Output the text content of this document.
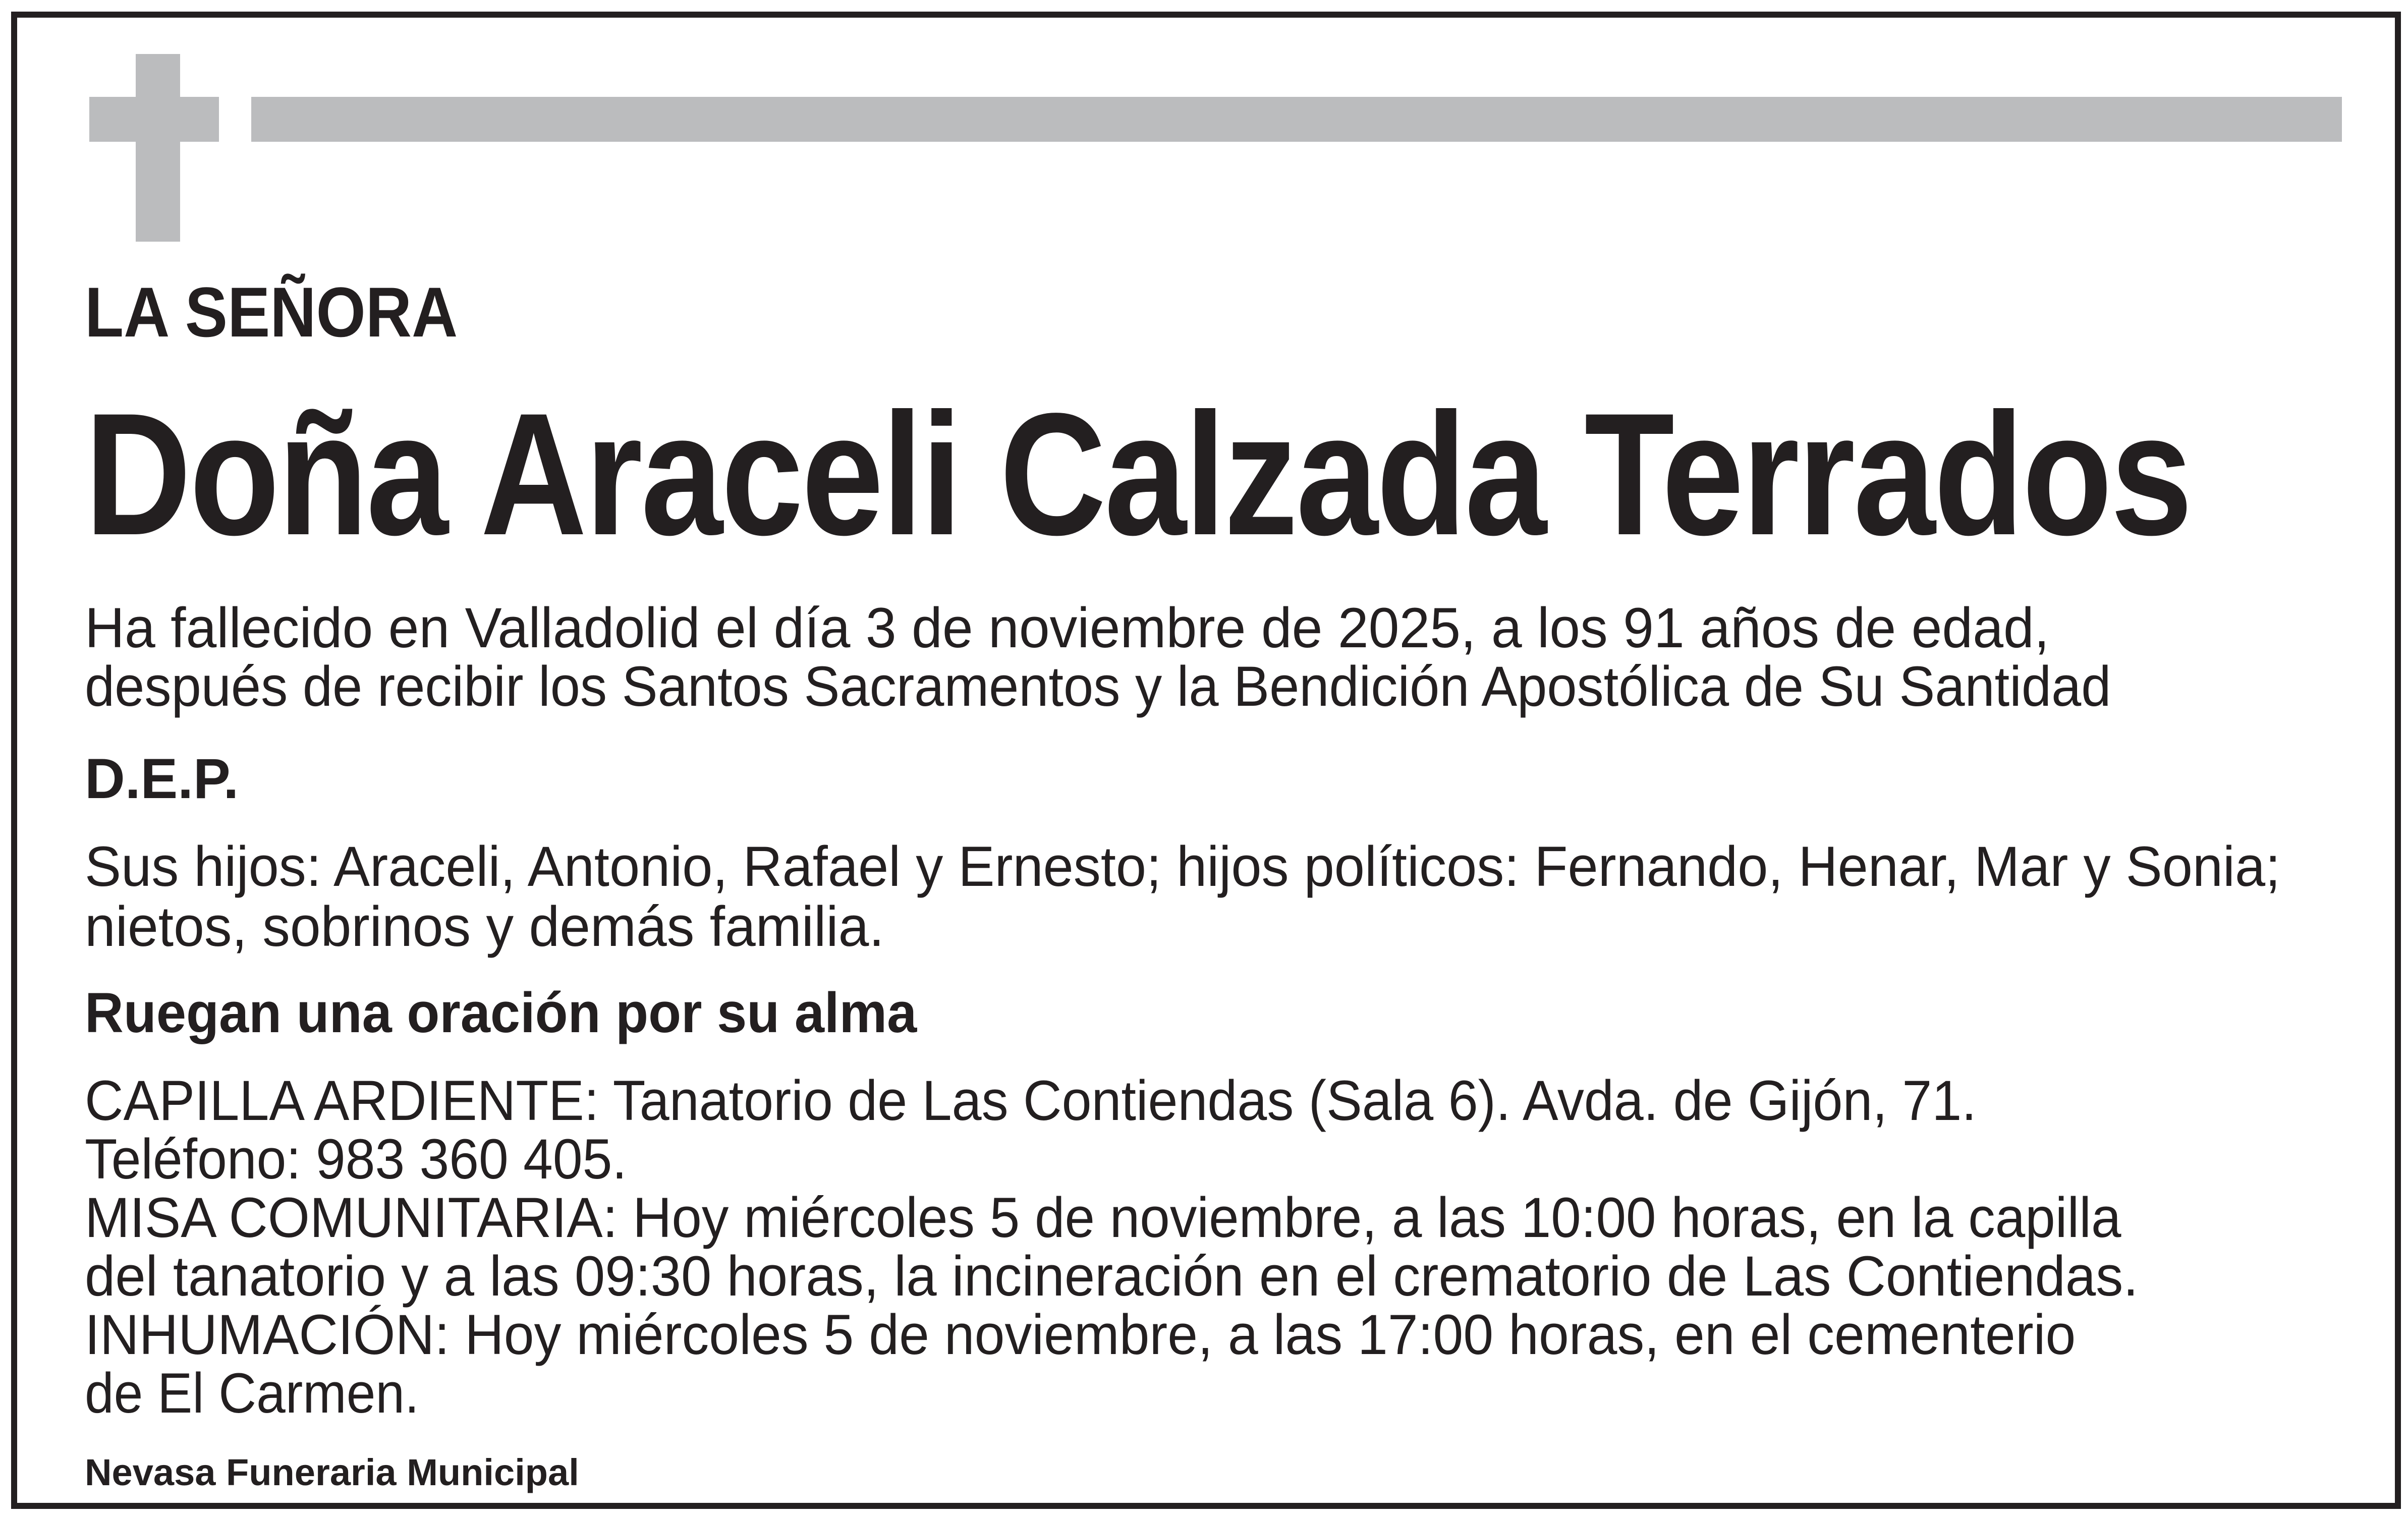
LA SEÑORA
Doña Araceli Calzada Terrados
Ha fallecido en Valladolid el día 3 de noviembre de 2025, a los 91 años de edad,
después de recibir los Santos Sacramentos y la Bendición Apostólica de Su Santidad
D.E.P.
Sus hijos: Araceli, Antonio, Rafael y Ernesto; hijos políticos: Fernando, Henar, Mar y Sonia;
nietos, sobrinos y demás familia.
Ruegan una oración por su alma
CAPILLA ARDIENTE: Tanatorio de Las Contiendas (Sala 6). Avda. de Gijón, 71.
Teléfono: 983 360 405.
MISA COMUNITARIA: Hoy miércoles 5 de noviembre, a las 10:00 horas, en la capilla
del tanatorio y a las 09:30 horas, la incineración en el crematorio de Las Contiendas.
INHUMACIÓN: Hoy miércoles 5 de noviembre, a las 17:00 horas, en el cementerio
de El Carmen.
Nevasa Funeraria Municipal
